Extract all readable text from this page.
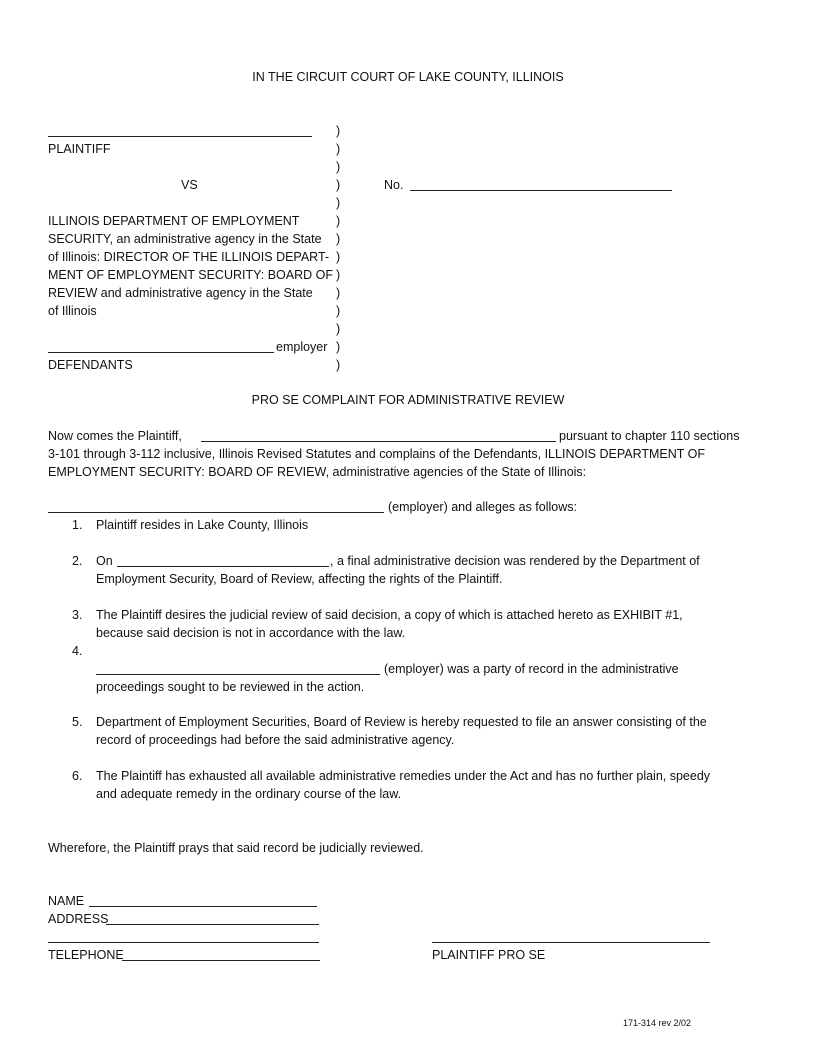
IN THE CIRCUIT COURT OF LAKE COUNTY, ILLINOIS
PLAINTIFF
VS	No.
ILLINOIS DEPARTMENT OF EMPLOYMENT
SECURITY, an administrative agency in the State
of Illinois: DIRECTOR OF THE ILLINOIS DEPART-
MENT OF EMPLOYMENT SECURITY: BOARD OF
REVIEW and administrative agency in the State
of Illinois
employer
DEFENDANTS
)
)
)
)
)
)
)
)
)
)
)
)
)
)
PRO SE COMPLAINT FOR ADMINISTRATIVE REVIEW
Now comes the Plaintiff,	pursuant to chapter 110 sections
3-101 through 3-112 inclusive, Illinois Revised Statutes and complains of the Defendants, ILLINOIS DEPARTMENT OF
EMPLOYMENT SECURITY: BOARD OF REVIEW, administrative agencies of the State of Illinois:
(employer) and alleges as follows:
1. Plaintiff resides in Lake County, Illinois
2. On	, a final administrative decision was rendered by the Department of
Employment Security, Board of Review, affecting the rights of the Plaintiff.
3. The Plaintiff desires the judicial review of said decision, a copy of which is attached hereto as EXHIBIT #1,
because said decision is not in accordance with the law.
4.
(employer) was a party of record in the administrative
proceedings sought to be reviewed in the action.
5. Department of Employment Securities, Board of Review is hereby requested to file an answer consisting of the
record of proceedings had before the said administrative agency.
6. The Plaintiff has exhausted all available administrative remedies under the Act and has no further plain, speedy
and adequate remedy in the ordinary course of the law.
Wherefore, the Plaintiff prays that said record be judicially reviewed.
NAME
ADDRESS
TELEPHONE	PLAINTIFF PRO SE
171-314 rev 2/02
